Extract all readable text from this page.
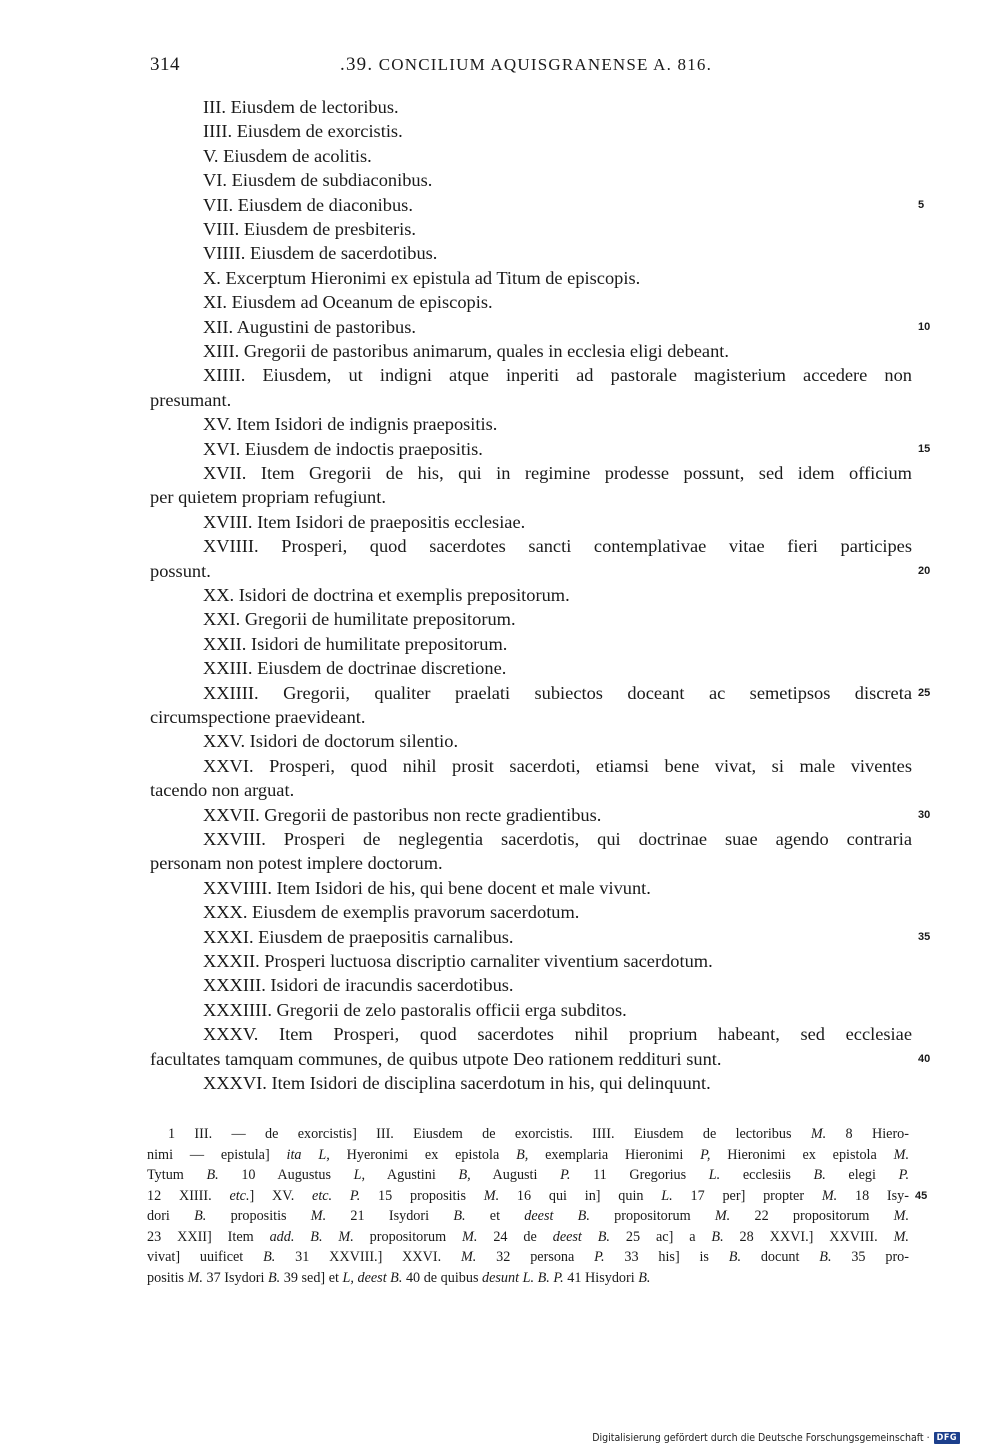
314	.39. CONCILIUM AQUISGRANENSE A. 816.
III. Eiusdem de lectoribus.
IIII. Eiusdem de exorcistis.
V. Eiusdem de acolitis.
VI. Eiusdem de subdiaconibus.
VII. Eiusdem de diaconibus.	5
VIII. Eiusdem de presbiteris.
VIIII. Eiusdem de sacerdotibus.
X. Excerptum Hieronimi ex epistula ad Titum de episcopis.
XI. Eiusdem ad Oceanum de episcopis.
XII. Augustini de pastoribus.	10
XIII. Gregorii de pastoribus animarum, quales in ecclesia eligi debeant.
XIIII. Eiusdem, ut indigni atque inperiti ad pastorale magisterium accedere non
presumant.
XV. Item Isidori de indignis praepositis.
XVI. Eiusdem de indoctis praepositis.	15
XVII. Item Gregorii de his, qui in regimine prodesse possunt, sed idem officium
per quietem propriam refugiunt.
XVIII. Item Isidori de praepositis ecclesiae.
XVIIII. Prosperi, quod sacerdotes sancti contemplativae vitae fieri participes
possunt.	20
XX. Isidori de doctrina et exemplis prepositorum.
XXI. Gregorii de humilitate prepositorum.
XXII. Isidori de humilitate prepositorum.
XXIII. Eiusdem de doctrinae discretione.
XXIIII. Gregorii, qualiter praelati subiectos doceant ac semetipsos discreta 25
circumspectione praevideant.
XXV. Isidori de doctorum silentio.
XXVI. Prosperi, quod nihil prosit sacerdoti, etiamsi bene vivat, si male viventes
tacendo non arguat.
XXVII. Gregorii de pastoribus non recte gradientibus.	30
XXVIII. Prosperi de neglegentia sacerdotis, qui doctrinae suae agendo contraria
personam non potest implere doctorum.
XXVIIII. Item Isidori de his, qui bene docent et male vivunt.
XXX. Eiusdem de exemplis pravorum sacerdotum.
XXXI. Eiusdem de praepositis carnalibus.	35
XXXII. Prosperi luctuosa discriptio carnaliter viventium sacerdotum.
XXXIII. Isidori de iracundis sacerdotibus.
XXXIIII. Gregorii de zelo pastoralis officii erga subditos.
XXXV. Item Prosperi, quod sacerdotes nihil proprium habeant, sed ecclesiae
facultates tamquam communes, de quibus utpote Deo rationem reddituri sunt.	40
XXXVI. Item Isidori de disciplina sacerdotum in his, qui delinquunt.
1 III. — de exorcistis] III. Eiusdem de exorcistis. IIII. Eiusdem de lectoribus M. 8 Hiero-
nimi — epistula] ita L, Hyeronimi ex epistola B, exemplaria Hieronimi P, Hieronimi ex epistola M.
Tytum B. 10 Augustus L, Agustini B, Augusti P. 11 Gregorius L. ecclesiis B. elegi P.
12 XIIII. etc.] XV. etc. P. 15 propositis M. 16 qui in] quin L. 17 per] propter M. 18 Isy- 45
dori B. propositis M. 21 Isydori B. et deest B. propositorum M. 22 propositorum M.
23 XXII] Item add. B. M. propositorum M. 24 de deest B. 25 ac] a B. 28 XXVI.] XXVIII. M.
vivat] uuificet B. 31 XXVIII.] XXVI. M. 32 persona P. 33 his] is B. docunt B. 35 pro-
positis M. 37 Isydori B. 39 sed] et L, deest B. 40 de quibus desunt L. B. P. 41 Hisydori B.
Digitalisierung gefördert durch die Deutsche Forschungsgemeinschaft · DFG
